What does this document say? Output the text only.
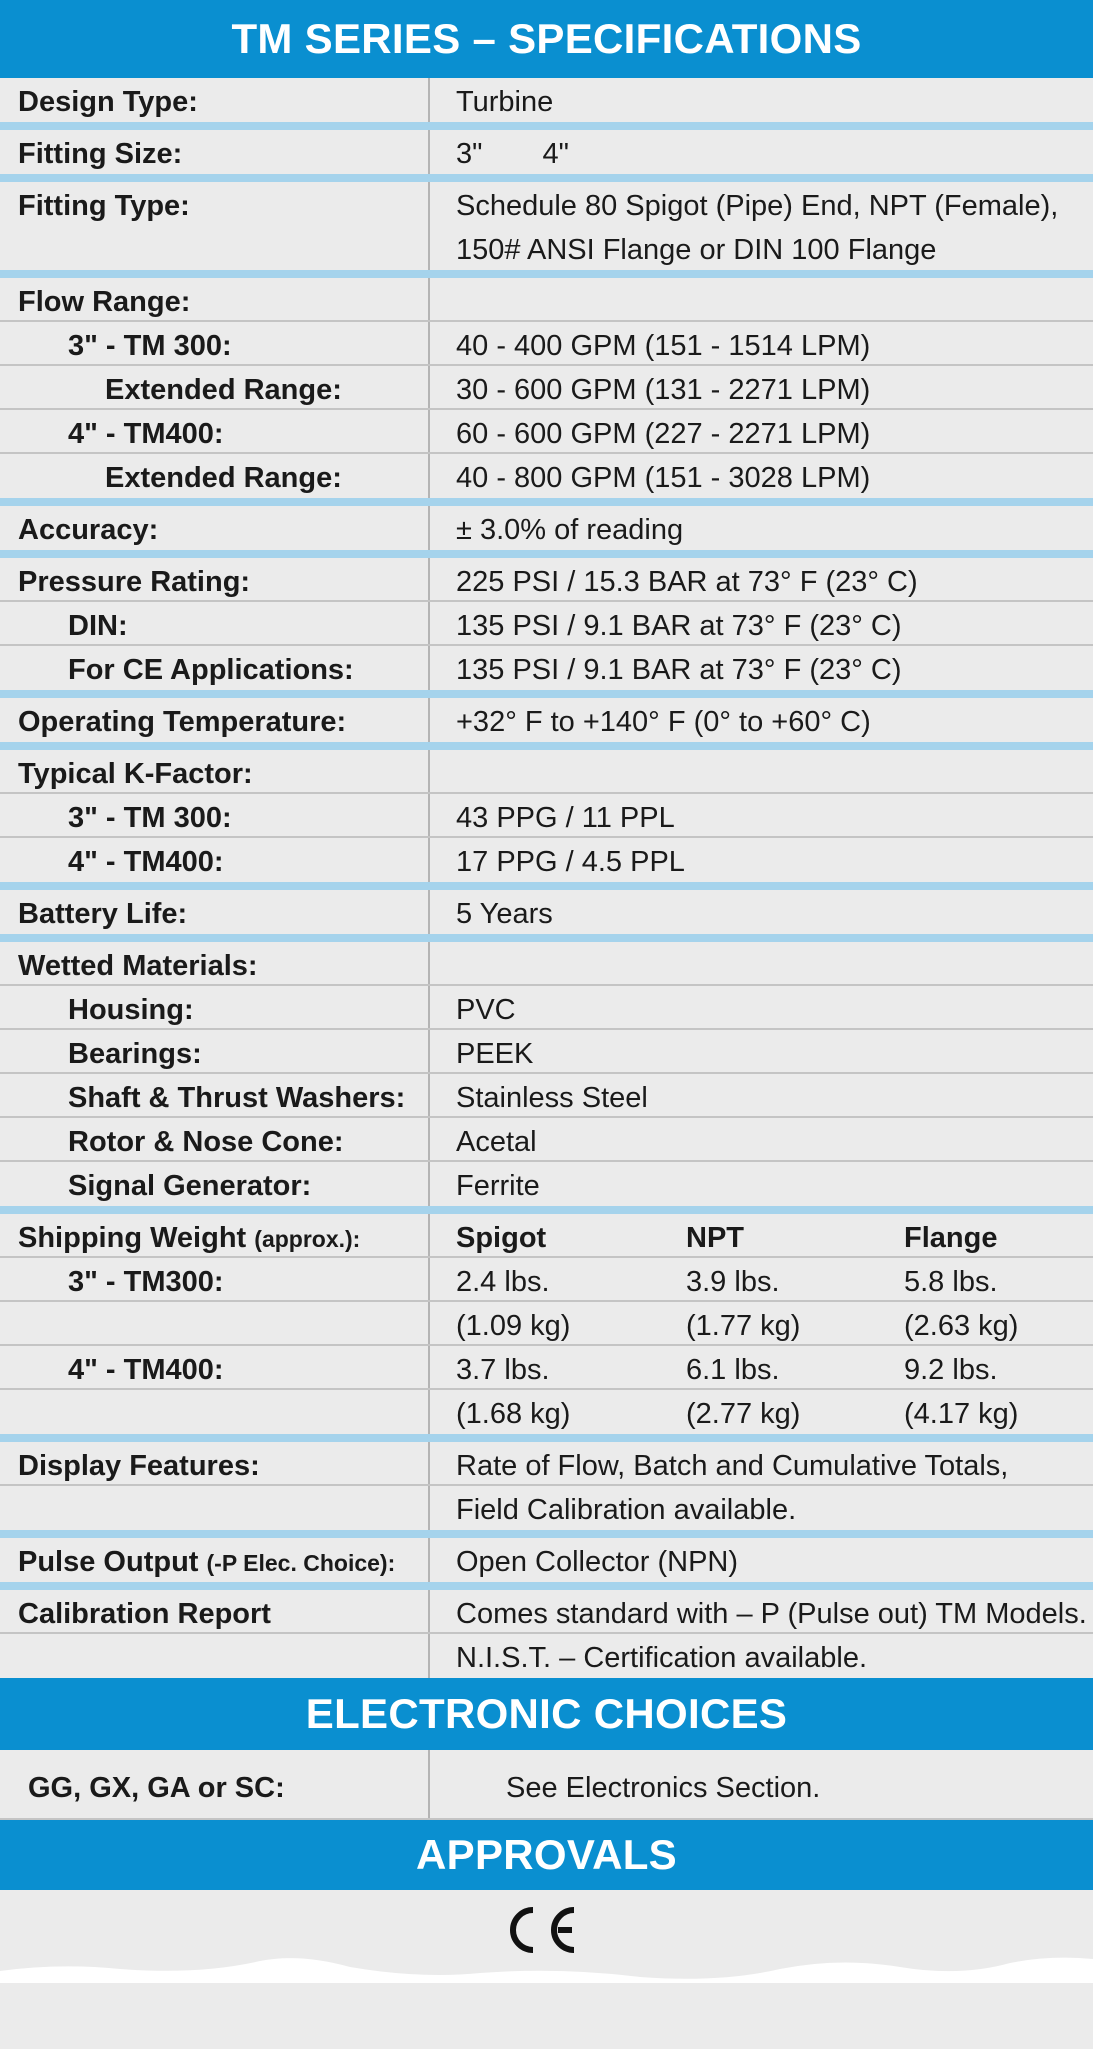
TM SERIES – SPECIFICATIONS
Design Type:	Turbine
Fitting Size:	3" 4"
Fitting Type:	Schedule 80 Spigot (Pipe) End, NPT (Female),
150# ANSI Flange or DIN 100 Flange
Flow Range:
3" - TM 300:	40 - 400 GPM (151 - 1514 LPM)
Extended Range:	30 - 600 GPM (131 - 2271 LPM)
4" - TM400:	60 - 600 GPM (227 - 2271 LPM)
Extended Range:	40 - 800 GPM (151 - 3028 LPM)
Accuracy:	± 3.0% of reading
Pressure Rating:	225 PSI / 15.3 BAR at 73° F (23° C)
DIN:	135 PSI / 9.1 BAR at 73° F (23° C)
For CE Applications:	135 PSI / 9.1 BAR at 73° F (23° C)
Operating Temperature:	+32° F to +140° F (0° to +60° C)
Typical K-Factor:
3" - TM 300:	43 PPG / 11 PPL
4" - TM400:	17 PPG / 4.5 PPL
Battery Life:	5 Years
Wetted Materials:
Housing:	PVC
Bearings:	PEEK
Shaft & Thrust Washers:	Stainless Steel
Rotor & Nose Cone:	Acetal
Signal Generator:	Ferrite
Shipping Weight (approx.):	Spigot	NPT	Flange
3" - TM300:	2.4 lbs.	3.9 lbs.	5.8 lbs.
(1.09 kg)	(1.77 kg)	(2.63 kg)
4" - TM400:	3.7 lbs.	6.1 lbs.	9.2 lbs.
(1.68 kg)	(2.77 kg)	(4.17 kg)
Display Features:	Rate of Flow, Batch and Cumulative Totals,
Field Calibration available.
Pulse Output (-P Elec. Choice):	Open Collector (NPN)
Calibration Report	Comes standard with – P (Pulse out) TM Models.
N.I.S.T. – Certification available.
ELECTRONIC CHOICES
GG, GX, GA or SC:	See Electronics Section.
APPROVALS
